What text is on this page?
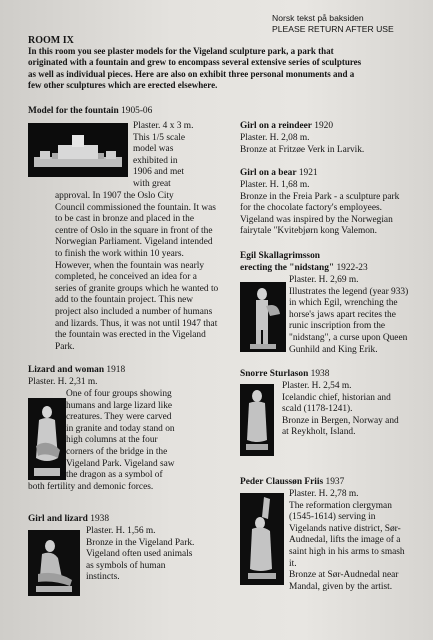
Norsk tekst på baksiden
PLEASE RETURN AFTER USE
ROOM IX
In this room you see plaster models for the Vigeland sculpture park, a park that
originated with a fountain and grew to encompass several extensive series of sculptures
as well as individual pieces. Here are also on exhibit three personal monuments and a
few other sculptures which are erected elsewhere.
Model for the fountain 1905-06
Plaster. 4 x 3 m.
This 1/5 scale
model was
exhibited in
1906 and met
with great
approval. In 1907 the Oslo City
Council commissioned the fountain. It was
to be cast in bronze and placed in the
centre of Oslo in the square in front of the
Norwegian Parliament. Vigeland intended
to finish the work within 10 years.
However, when the fountain was nearly
completed, he conceived an idea for a
series of granite groups which he wanted to
add to the fountain project. This new
project also included a number of humans
and lizards. Thus, it was not until 1947 that
the fountain was erected in the Vigeland
Park.
Lizard and woman 1918
Plaster. H. 2,31 m.
One of four groups showing
humans and large lizard like
creatures. They were carved
in granite and today stand on
high columns at the four
corners of the bridge in the
Vigeland Park. Vigeland saw
the dragon as a symbol of
both fertility and demonic forces.
Girl and lizard 1938
Plaster. H. 1,56 m.
Bronze in the Vigeland Park.
Vigeland often used animals
as symbols of human
instincts.
Girl on a reindeer 1920
Plaster. H. 2,08 m.
Bronze at Fritzøe Verk in Larvik.
Girl on a bear 1921
Plaster. H. 1,68 m.
Bronze in the Freia Park - a sculpture park
for the chocolate factory's employees.
Vigeland was inspired by the Norwegian
fairytale "Kvitebjørn kong Valemon.
Egil Skallagrimsson
erecting the "nidstang" 1922-23
Plaster. H. 2,69 m.
Illustrates the legend (year 933)
in which Egil, wrenching the
horse's jaws apart recites the
runic inscription from the
"nidstang", a curse upon Queen
Gunhild and King Erik.
Snorre Sturlason 1938
Plaster. H. 2,54 m.
Icelandic chief, historian and
scald (1178-1241).
Bronze in Bergen, Norway and
at Reykholt, Island.
Peder Claussøn Friis 1937
Plaster. H. 2,78 m.
The reformation clergyman
(1545-1614) serving in
Vigelands native district, Sør-
Audnedal, lifts the image of a
saint high in his arms to smash
it.
Bronze at Sør-Audnedal near
Mandal, given by the artist.
